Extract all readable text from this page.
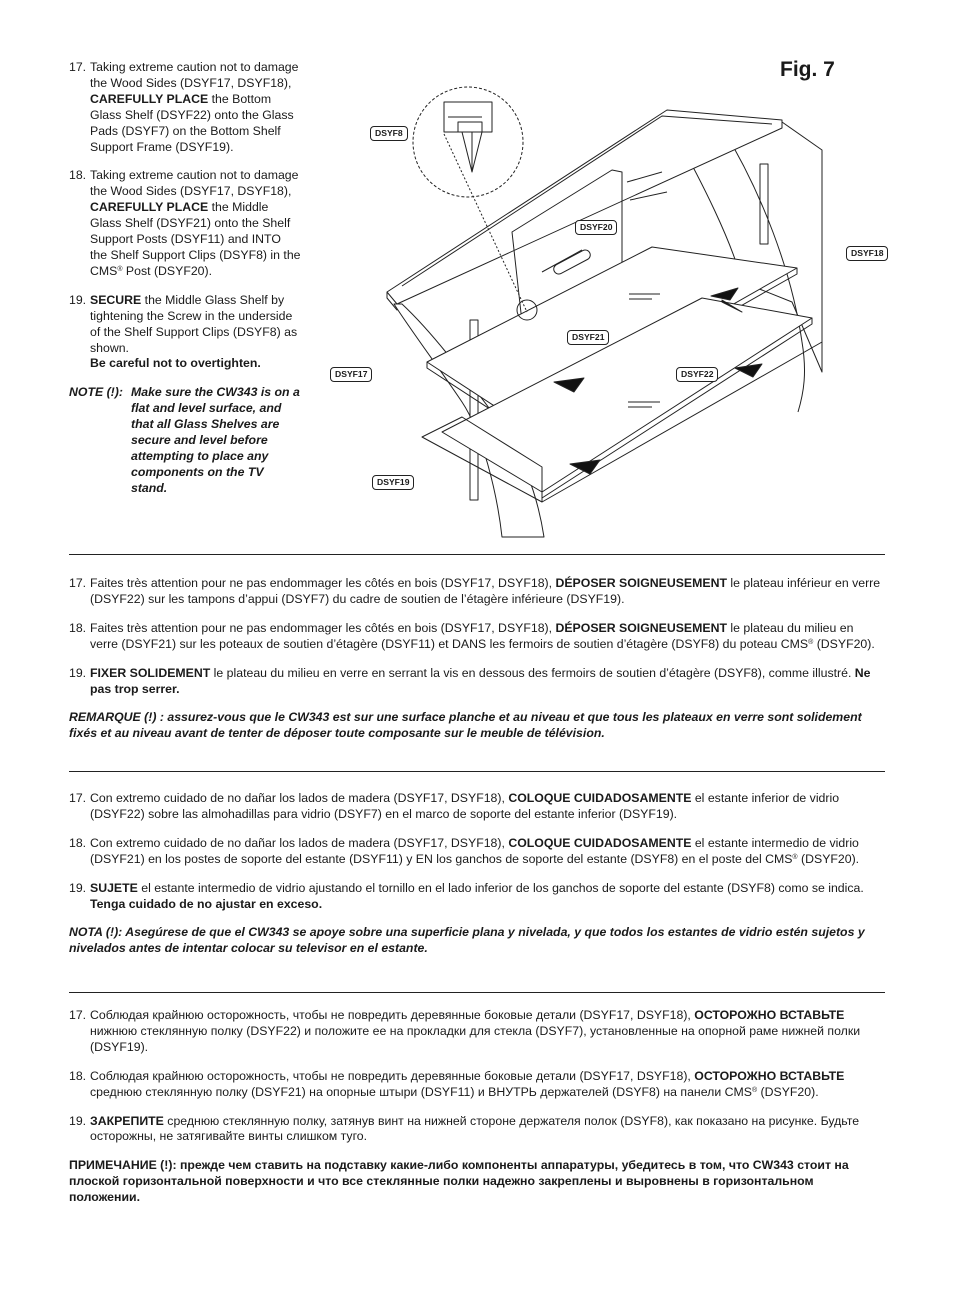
17. Taking extreme caution not to damage the Wood Sides (DSYF17, DSYF18), CAREFULLY PLACE the Bottom Glass Shelf (DSYF22) onto the Glass Pads (DSYF7) on the Bottom Shelf Support Frame (DSYF19).
18. Taking extreme caution not to damage the Wood Sides (DSYF17, DSYF18), CAREFULLY PLACE the Middle Glass Shelf (DSYF21) onto the Shelf Support Posts (DSYF11) and INTO the Shelf Support Clips (DSYF8) in the CMS® Post (DSYF20).
19. SECURE the Middle Glass Shelf by tightening the Screw in the underside of the Shelf Support Clips (DSYF8) as shown.
Be careful not to overtighten.
NOTE (!): Make sure the CW343 is on a flat and level surface, and that all Glass Shelves are secure and level before attempting to place any components on the TV stand.
Fig. 7
DSYF8
DSYF20
DSYF18
DSYF21
DSYF17	DSYF22
DSYF19
17. Faites très attention pour ne pas endommager les côtés en bois (DSYF17, DSYF18), DÉPOSER SOIGNEUSEMENT le plateau inférieur en verre (DSYF22) sur les tampons d’appui (DSYF7) du cadre de soutien de l’étagère inférieure (DSYF19).
18. Faites très attention pour ne pas endommager les côtés en bois (DSYF17, DSYF18), DÉPOSER SOIGNEUSEMENT le plateau du milieu en verre (DSYF21) sur les poteaux de soutien d’étagère (DSYF11) et DANS les fermoirs de soutien d’étagère (DSYF8) du poteau CMS® (DSYF20).
19. FIXER SOLIDEMENT le plateau du milieu en verre en serrant la vis en dessous des fermoirs de soutien d’étagère (DSYF8), comme illustré. Ne pas trop serrer.
REMARQUE (!) : assurez-vous que le CW343 est sur une surface planche et au niveau et que tous les plateaux en verre sont solidement fixés et au niveau avant de tenter de déposer toute composante sur le meuble de télévision.
17. Con extremo cuidado de no dañar los lados de madera (DSYF17, DSYF18), COLOQUE CUIDADOSAMENTE el estante inferior de vidrio (DSYF22) sobre las almohadillas para vidrio (DSYF7) en el marco de soporte del estante inferior (DSYF19).
18. Con extremo cuidado de no dañar los lados de madera (DSYF17, DSYF18), COLOQUE CUIDADOSAMENTE el estante intermedio de vidrio (DSYF21) en los postes de soporte del estante (DSYF11) y EN los ganchos de soporte del estante (DSYF8) en el poste del CMS® (DSYF20).
19. SUJETE el estante intermedio de vidrio ajustando el tornillo en el lado inferior de los ganchos de soporte del estante (DSYF8) como se indica. Tenga cuidado de no ajustar en exceso.
NOTA (!): Asegúrese de que el CW343 se apoye sobre una superficie plana y nivelada, y que todos los estantes de vidrio estén sujetos y nivelados antes de intentar colocar su televisor en el estante.
17. Соблюдая крайнюю осторожность, чтобы не повредить деревянные боковые детали (DSYF17, DSYF18), ОСТОРОЖНО ВСТАВЬТЕ нижнюю стеклянную полку (DSYF22) и положите ее на прокладки для стекла (DSYF7), установленные на опорной раме нижней полки (DSYF19).
18. Соблюдая крайнюю осторожность, чтобы не повредить деревянные боковые детали (DSYF17, DSYF18), ОСТОРОЖНО ВСТАВЬТЕ среднюю стеклянную полку (DSYF21) на опорные штыри (DSYF11) и ВНУТРЬ держателей (DSYF8) на панели CMS® (DSYF20).
19. ЗАКРЕПИТЕ среднюю стеклянную полку, затянув винт на нижней стороне держателя полок (DSYF8), как показано на рисунке. Будьте осторожны, не затягивайте винты слишком туго.
ПРИМЕЧАНИЕ (!): прежде чем ставить на подставку какие-либо компоненты аппаратуры, убедитесь в том, что CW343 стоит на плоской горизонтальной поверхности и что все стеклянные полки надежно закреплены и выровнены в горизонтальном положении.
